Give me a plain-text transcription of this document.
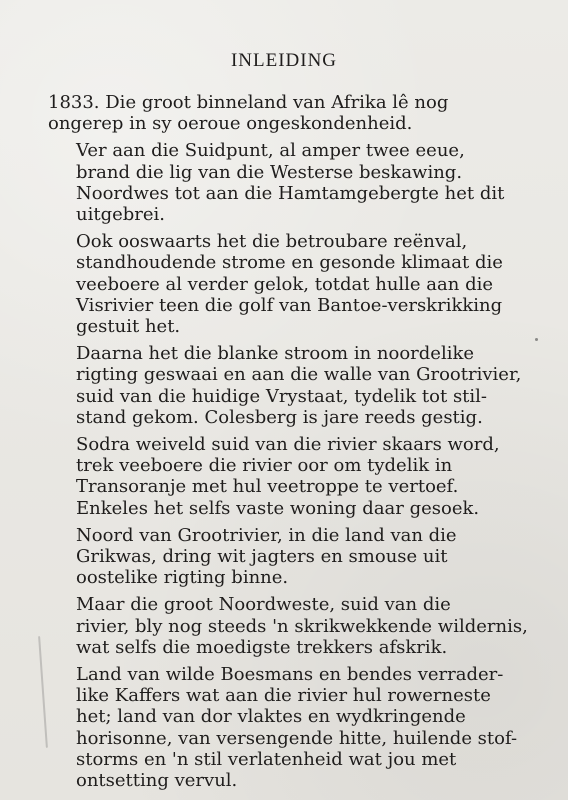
INLEIDING

1833. Die groot binneland van Afrika lê nog
ongerep in sy oeroue ongeskondenheid.

Ver aan die Suidpunt, al amper twee eeue,
brand die lig van die Westerse beskawing.
Noordwes tot aan die Hamtamgebergte het dit
uitgebrei.

Ook ooswaarts het die betroubare reënval,
standhoudende strome en gesonde klimaat die
veeboere al verder gelok, totdat hulle aan die
Visrivier teen die golf van Bantoe-verskrikking
gestuit het.

Daarna het die blanke stroom in noordelike
rigting geswaai en aan die walle van Grootrivier,
suid van die huidige Vrystaat, tydelik tot stil-
stand gekom. Colesberg is jare reeds gestig.

Sodra weiveld suid van die rivier skaars word,
trek veeboere die rivier oor om tydelik in
Transoranje met hul veetroppe te vertoef.
Enkeles het selfs vaste woning daar gesoek.

Noord van Grootrivier, in die land van die
Grikwas, dring wit jagters en smouse uit
oostelike rigting binne.

Maar die groot Noordweste, suid van die
rivier, bly nog steeds 'n skrikwekkende wildernis,
wat selfs die moedigste trekkers afskrik.

Land van wilde Boesmans en bendes verrader-
like Kaffers wat aan die rivier hul rowerneste
het; land van dor vlaktes en wydkringende
horisonne, van versengende hitte, huilende stof-
storms en 'n stil verlatenheid wat jou met
ontsetting vervul.
